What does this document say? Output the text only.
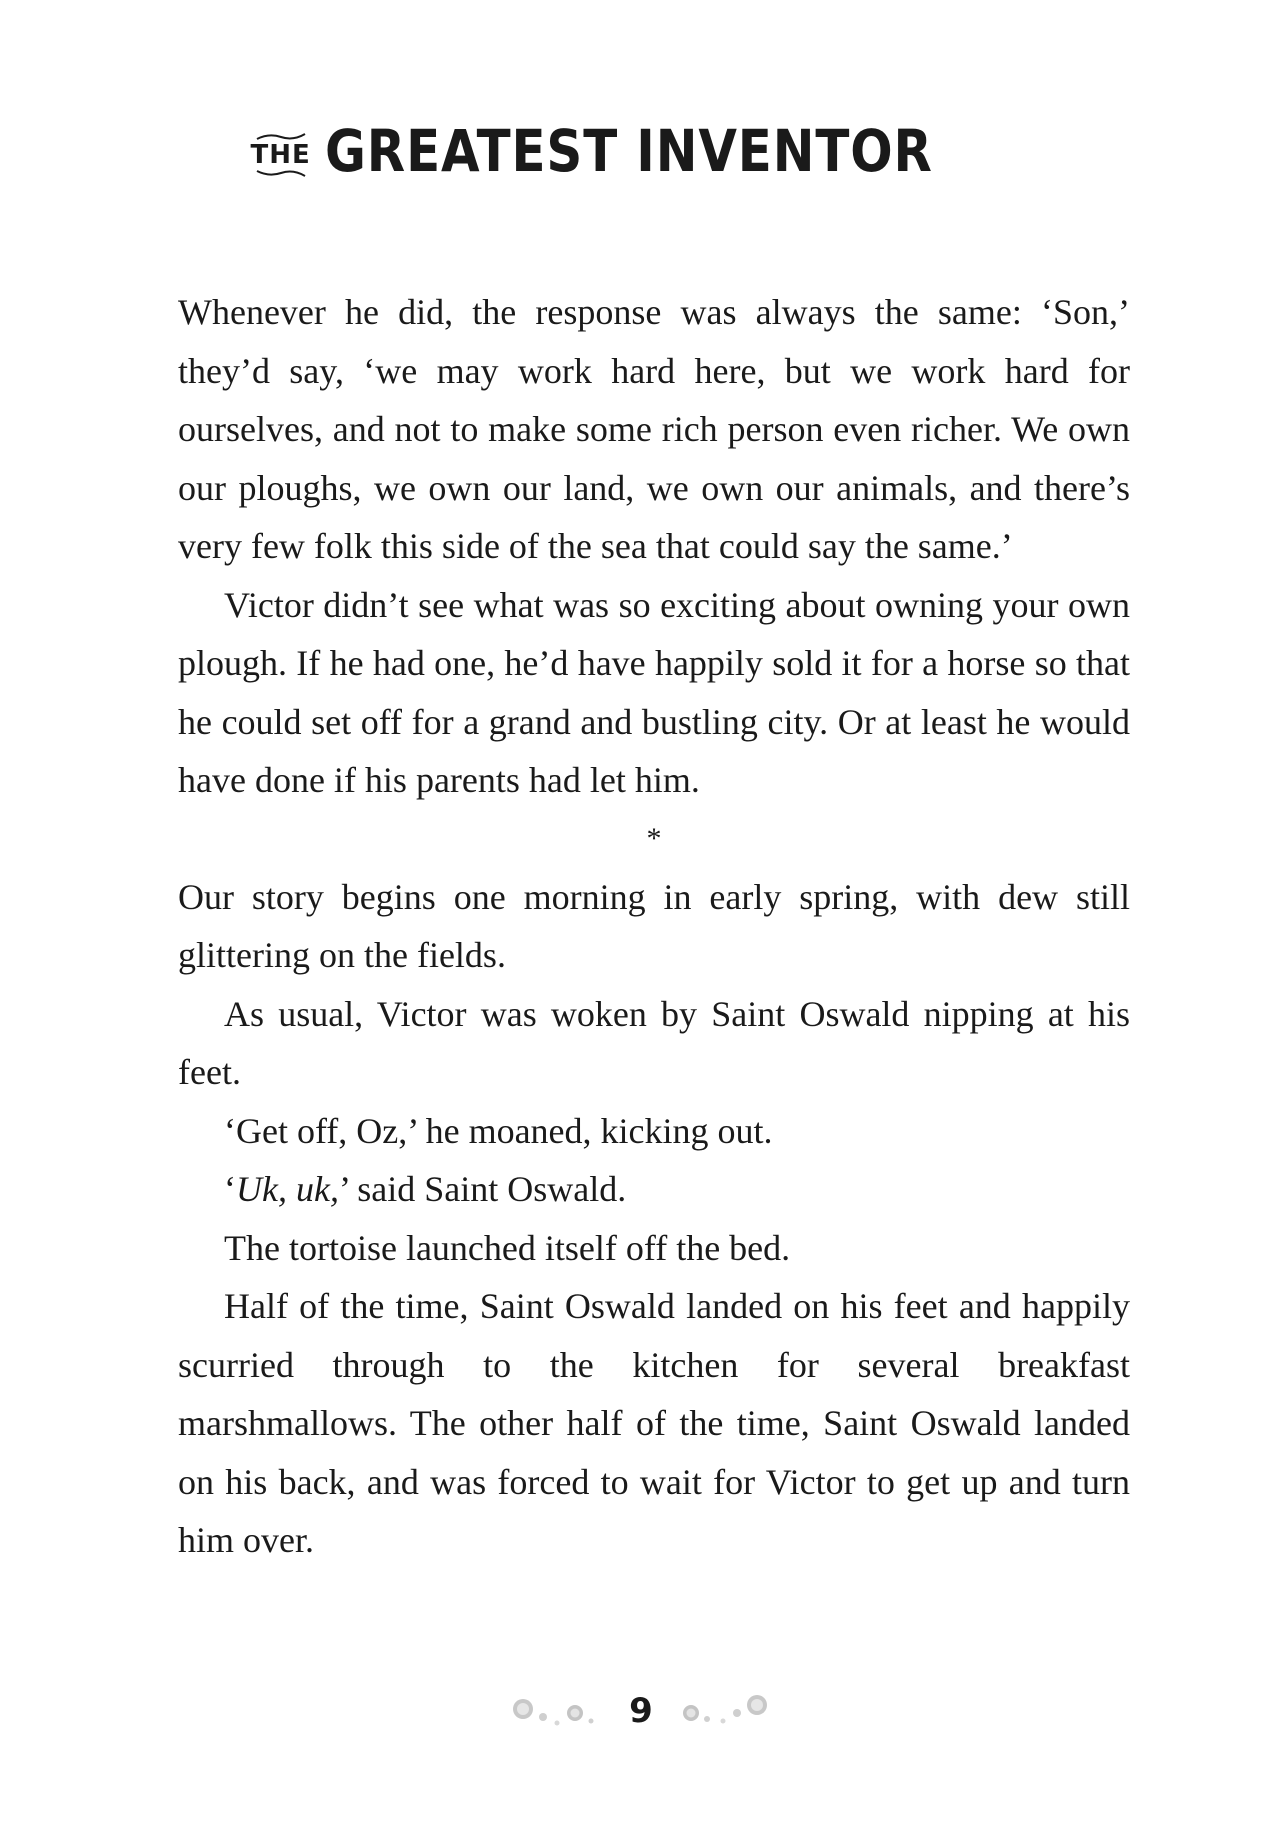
THE GREATEST INVENTOR

Whenever he did, the response was always the same: ‘Son,’ they’d say, ‘we may work hard here, but we work hard for ourselves, and not to make some rich person even richer. We own our ploughs, we own our land, we own our animals, and there’s very few folk this side of the sea that could say the same.’

Victor didn’t see what was so exciting about owning your own plough. If he had one, he’d have happily sold it for a horse so that he could set off for a grand and bustling city. Or at least he would have done if his parents had let him.

*

Our story begins one morning in early spring, with dew still glittering on the fields.

As usual, Victor was woken by Saint Oswald nipping at his feet.

‘Get off, Oz,’ he moaned, kicking out.

‘Uk, uk,’ said Saint Oswald.

The tortoise launched itself off the bed.

Half of the time, Saint Oswald landed on his feet and happily scurried through to the kitchen for several breakfast marshmallows. The other half of the time, Saint Oswald landed on his back, and was forced to wait for Victor to get up and turn him over.

9
